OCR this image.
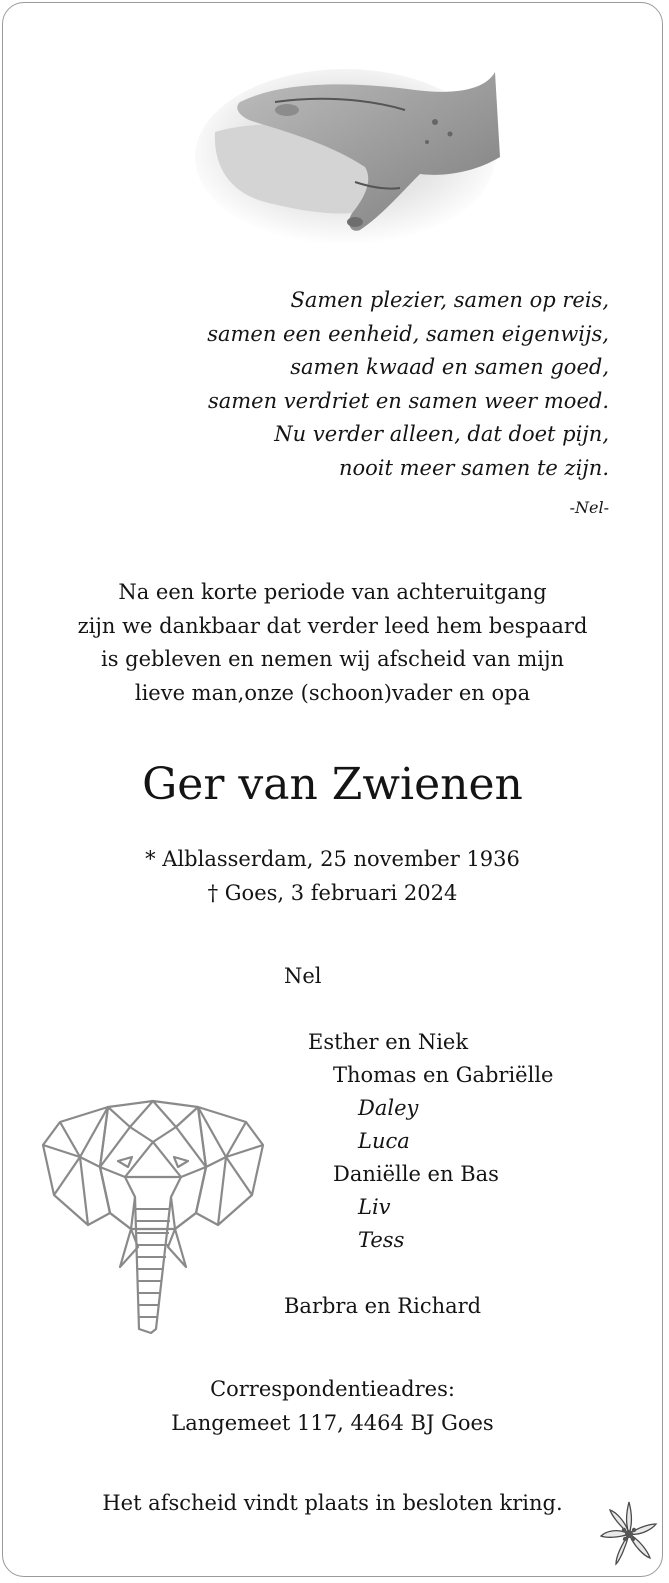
Samen plezier, samen op reis,
samen een eenheid, samen eigenwijs,
samen kwaad en samen goed,
samen verdriet en samen weer moed.
Nu verder alleen, dat doet pijn,
nooit meer samen te zijn.
-Nel-
Na een korte periode van achteruitgang
zijn we dankbaar dat verder leed hem bespaard
is gebleven en nemen wij afscheid van mijn
lieve man,onze (schoon)vader en opa
Ger van Zwienen
* Alblasserdam, 25 november 1936
† Goes, 3 februari 2024
Nel
Esther en Niek
Thomas en Gabriëlle
Daley
Luca
Daniëlle en Bas
Liv
Tess
Barbra en Richard
Correspondentieadres:
Langemeet 117, 4464 BJ Goes
Het afscheid vindt plaats in besloten kring.
